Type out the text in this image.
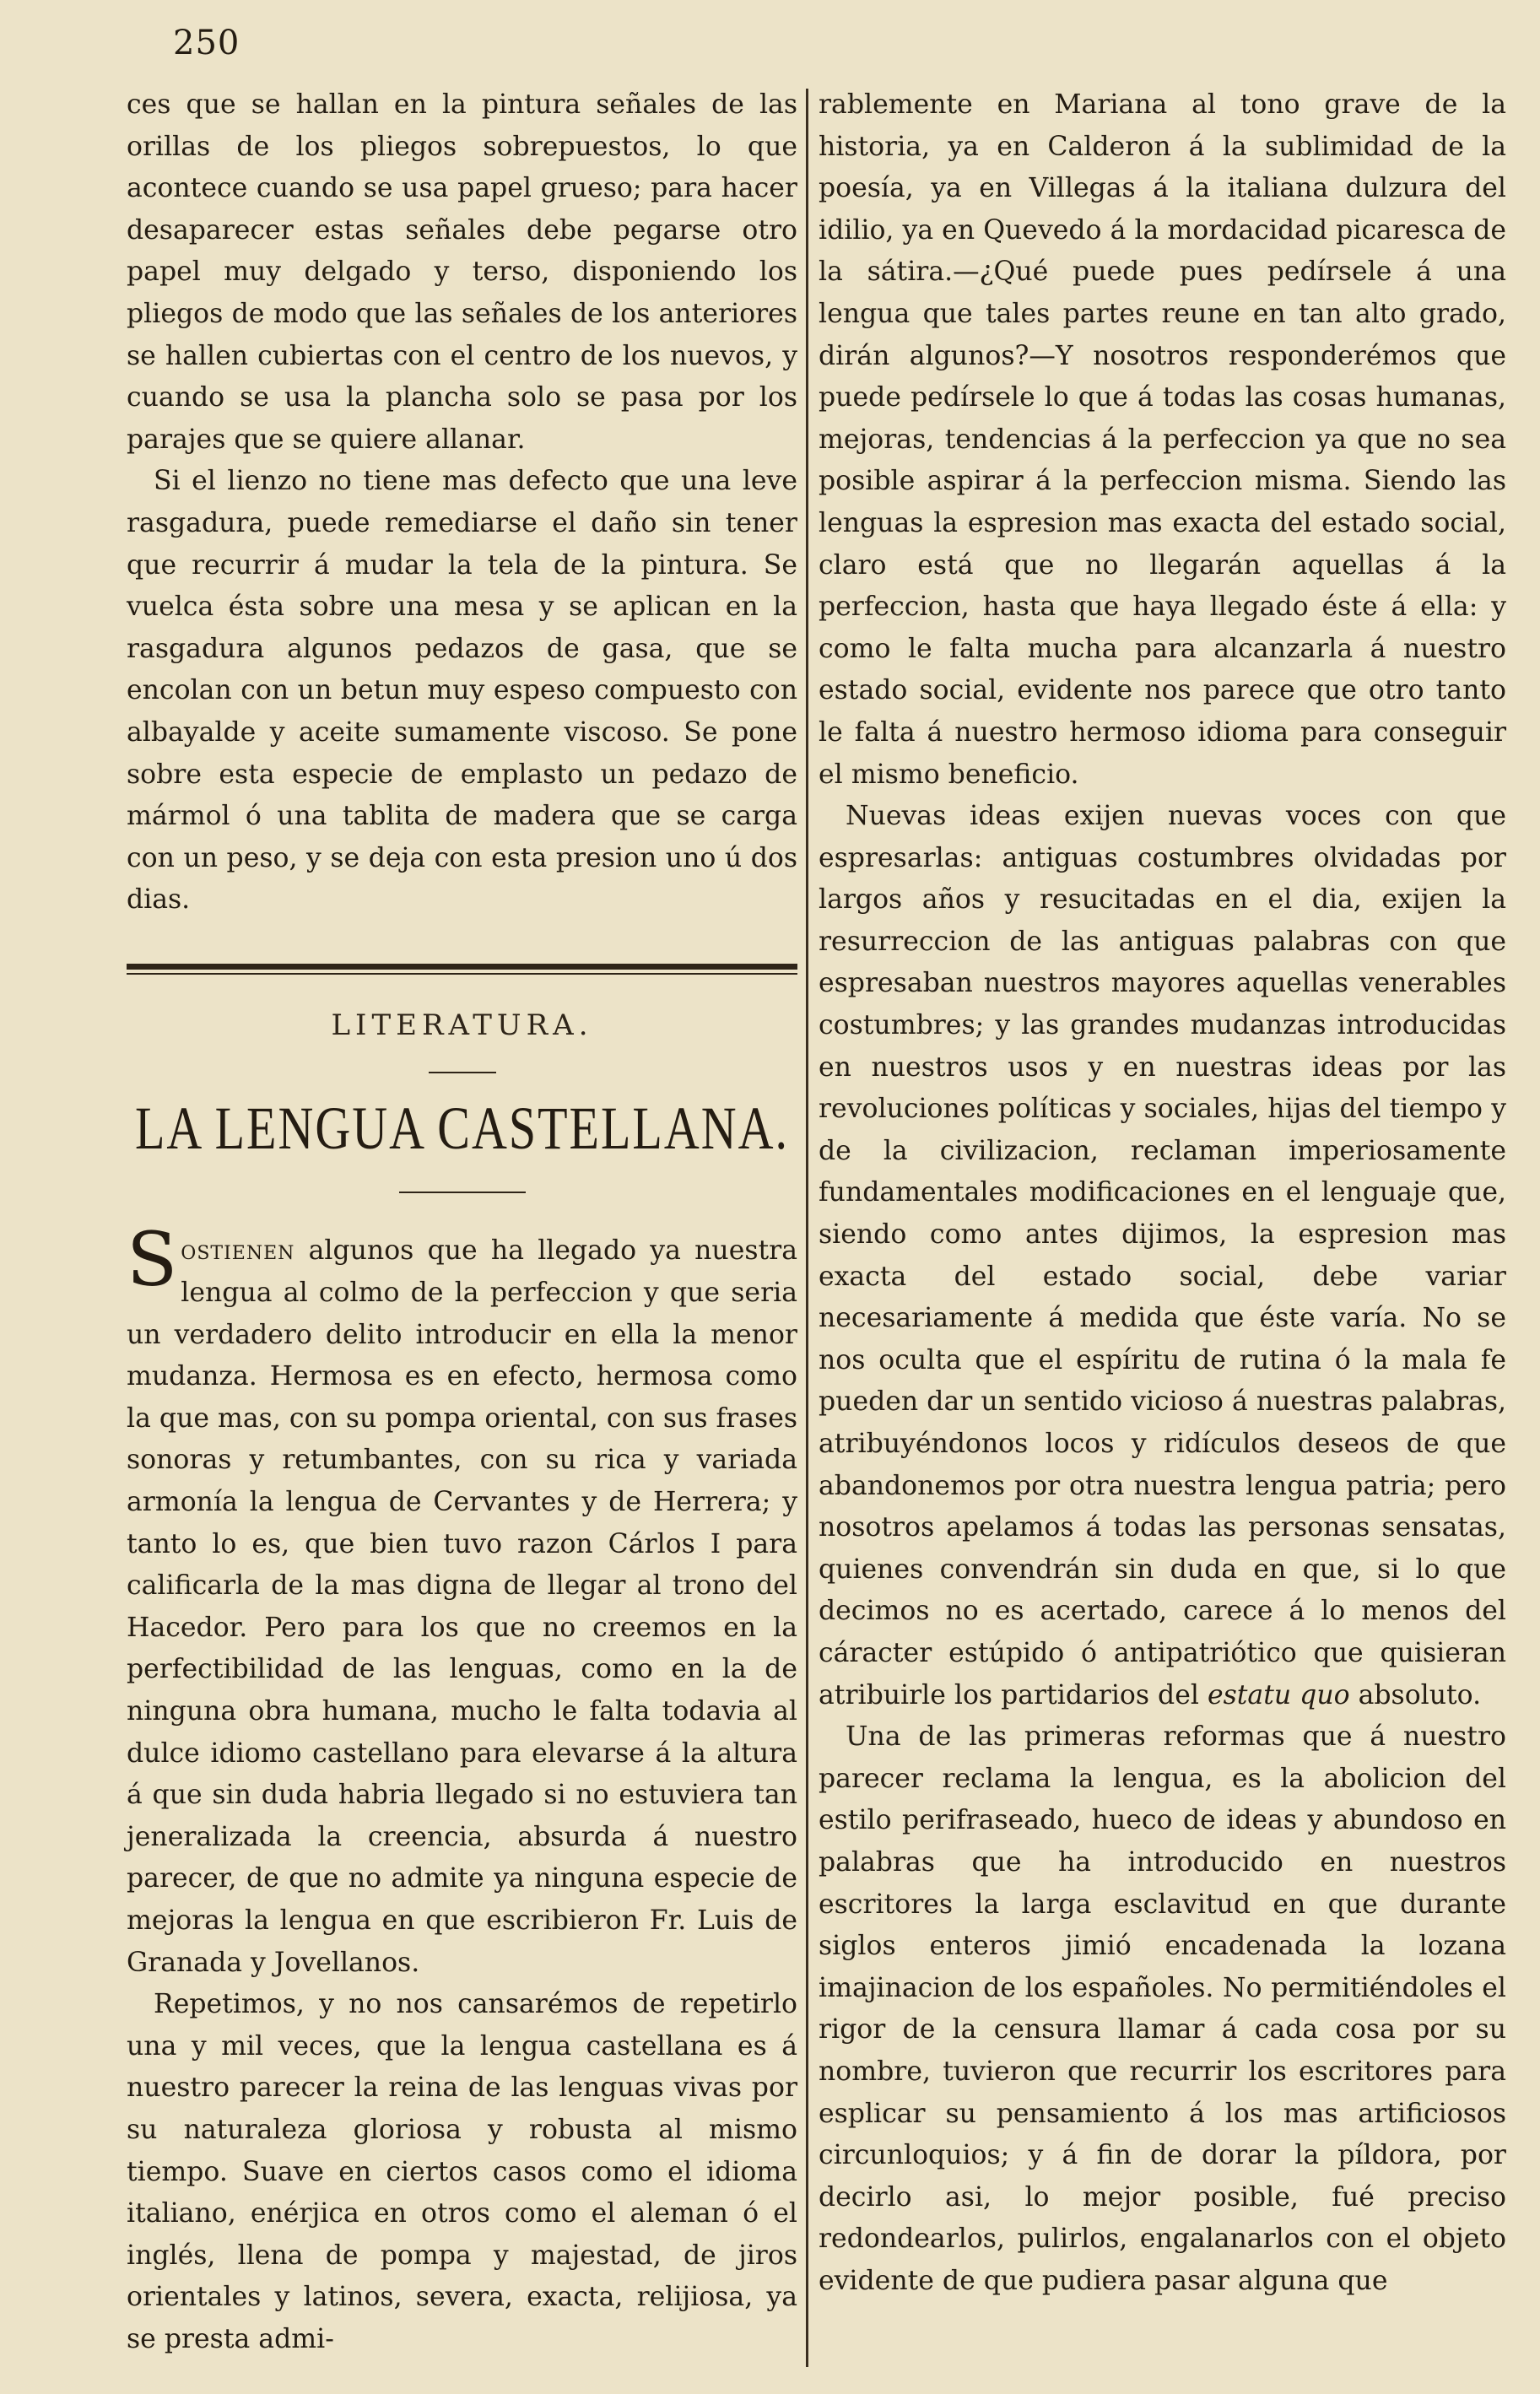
250

ces que se hallan en la pintura señales de las orillas de los pliegos sobrepuestos, lo que acontece cuando se usa papel grueso; para hacer desaparecer estas señales debe pegarse otro papel muy delgado y terso, disponiendo los pliegos de modo que las señales de los anteriores se hallen cubiertas con el centro de los nuevos, y cuando se usa la plancha solo se pasa por los parajes que se quiere allanar.

Si el lienzo no tiene mas defecto que una leve rasgadura, puede remediarse el daño sin tener que recurrir á mudar la tela de la pintura. Se vuelca ésta sobre una mesa y se aplican en la rasgadura algunos pedazos de gasa, que se encolan con un betun muy espeso compuesto con albayalde y aceite sumamente viscoso. Se pone sobre esta especie de emplasto un pedazo de mármol ó una tablita de madera que se carga con un peso, y se deja con esta presion uno ú dos dias.

LITERATURA.
LA LENGUA CASTELLANA.

Sostienen algunos que ha llegado ya nuestra lengua al colmo de la perfeccion y que seria un verdadero delito introducir en ella la menor mudanza. Hermosa es en efecto, hermosa como la que mas, con su pompa oriental, con sus frases sonoras y retumbantes, con su rica y variada armonía la lengua de Cervantes y de Herrera; y tanto lo es, que bien tuvo razon Cárlos I para calificarla de la mas digna de llegar al trono del Hacedor. Pero para los que no creemos en la perfectibilidad de las lenguas, como en la de ninguna obra humana, mucho le falta todavia al dulce idiomo castellano para elevarse á la altura á que sin duda habria llegado si no estuviera tan jeneralizada la creencia, absurda á nuestro parecer, de que no admite ya ninguna especie de mejoras la lengua en que escribieron Fr. Luis de Granada y Jovellanos.

Repetimos, y no nos cansarémos de repetirlo una y mil veces, que la lengua castellana es á nuestro parecer la reina de las lenguas vivas por su naturaleza gloriosa y robusta al mismo tiempo. Suave en ciertos casos como el idioma italiano, enérjica en otros como el aleman ó el inglés, llena de pompa y majestad, de jiros orientales y latinos, severa, exacta, relijiosa, ya se presta admi-

rablemente en Mariana al tono grave de la historia, ya en Calderon á la sublimidad de la poesía, ya en Villegas á la italiana dulzura del idilio, ya en Quevedo á la mordacidad picaresca de la sátira.—¿Qué puede pues pedírsele á una lengua que tales partes reune en tan alto grado, dirán algunos?—Y nosotros responderémos que puede pedírsele lo que á todas las cosas humanas, mejoras, tendencias á la perfeccion ya que no sea posible aspirar á la perfeccion misma. Siendo las lenguas la espresion mas exacta del estado social, claro está que no llegarán aquellas á la perfeccion, hasta que haya llegado éste á ella: y como le falta mucha para alcanzarla á nuestro estado social, evidente nos parece que otro tanto le falta á nuestro hermoso idioma para conseguir el mismo beneficio.

Nuevas ideas exijen nuevas voces con que espresarlas: antiguas costumbres olvidadas por largos años y resucitadas en el dia, exijen la resurreccion de las antiguas palabras con que espresaban nuestros mayores aquellas venerables costumbres; y las grandes mudanzas introducidas en nuestros usos y en nuestras ideas por las revoluciones políticas y sociales, hijas del tiempo y de la civilizacion, reclaman imperiosamente fundamentales modificaciones en el lenguaje que, siendo como antes dijimos, la espresion mas exacta del estado social, debe variar necesariamente á medida que éste varía. No se nos oculta que el espíritu de rutina ó la mala fe pueden dar un sentido vicioso á nuestras palabras, atribuyéndonos locos y ridículos deseos de que abandonemos por otra nuestra lengua patria; pero nosotros apelamos á todas las personas sensatas, quienes convendrán sin duda en que, si lo que decimos no es acertado, carece á lo menos del cáracter estúpido ó antipatriótico que quisieran atribuirle los partidarios del estatu quo absoluto.

Una de las primeras reformas que á nuestro parecer reclama la lengua, es la abolicion del estilo perifraseado, hueco de ideas y abundoso en palabras que ha introducido en nuestros escritores la larga esclavitud en que durante siglos enteros jimió encadenada la lozana imajinacion de los españoles. No permitiéndoles el rigor de la censura llamar á cada cosa por su nombre, tuvieron que recurrir los escritores para esplicar su pensamiento á los mas artificiosos circunloquios; y á fin de dorar la píldora, por decirlo asi, lo mejor posible, fué preciso redondearlos, pulirlos, engalanarlos con el objeto evidente de que pudiera pasar alguna que
